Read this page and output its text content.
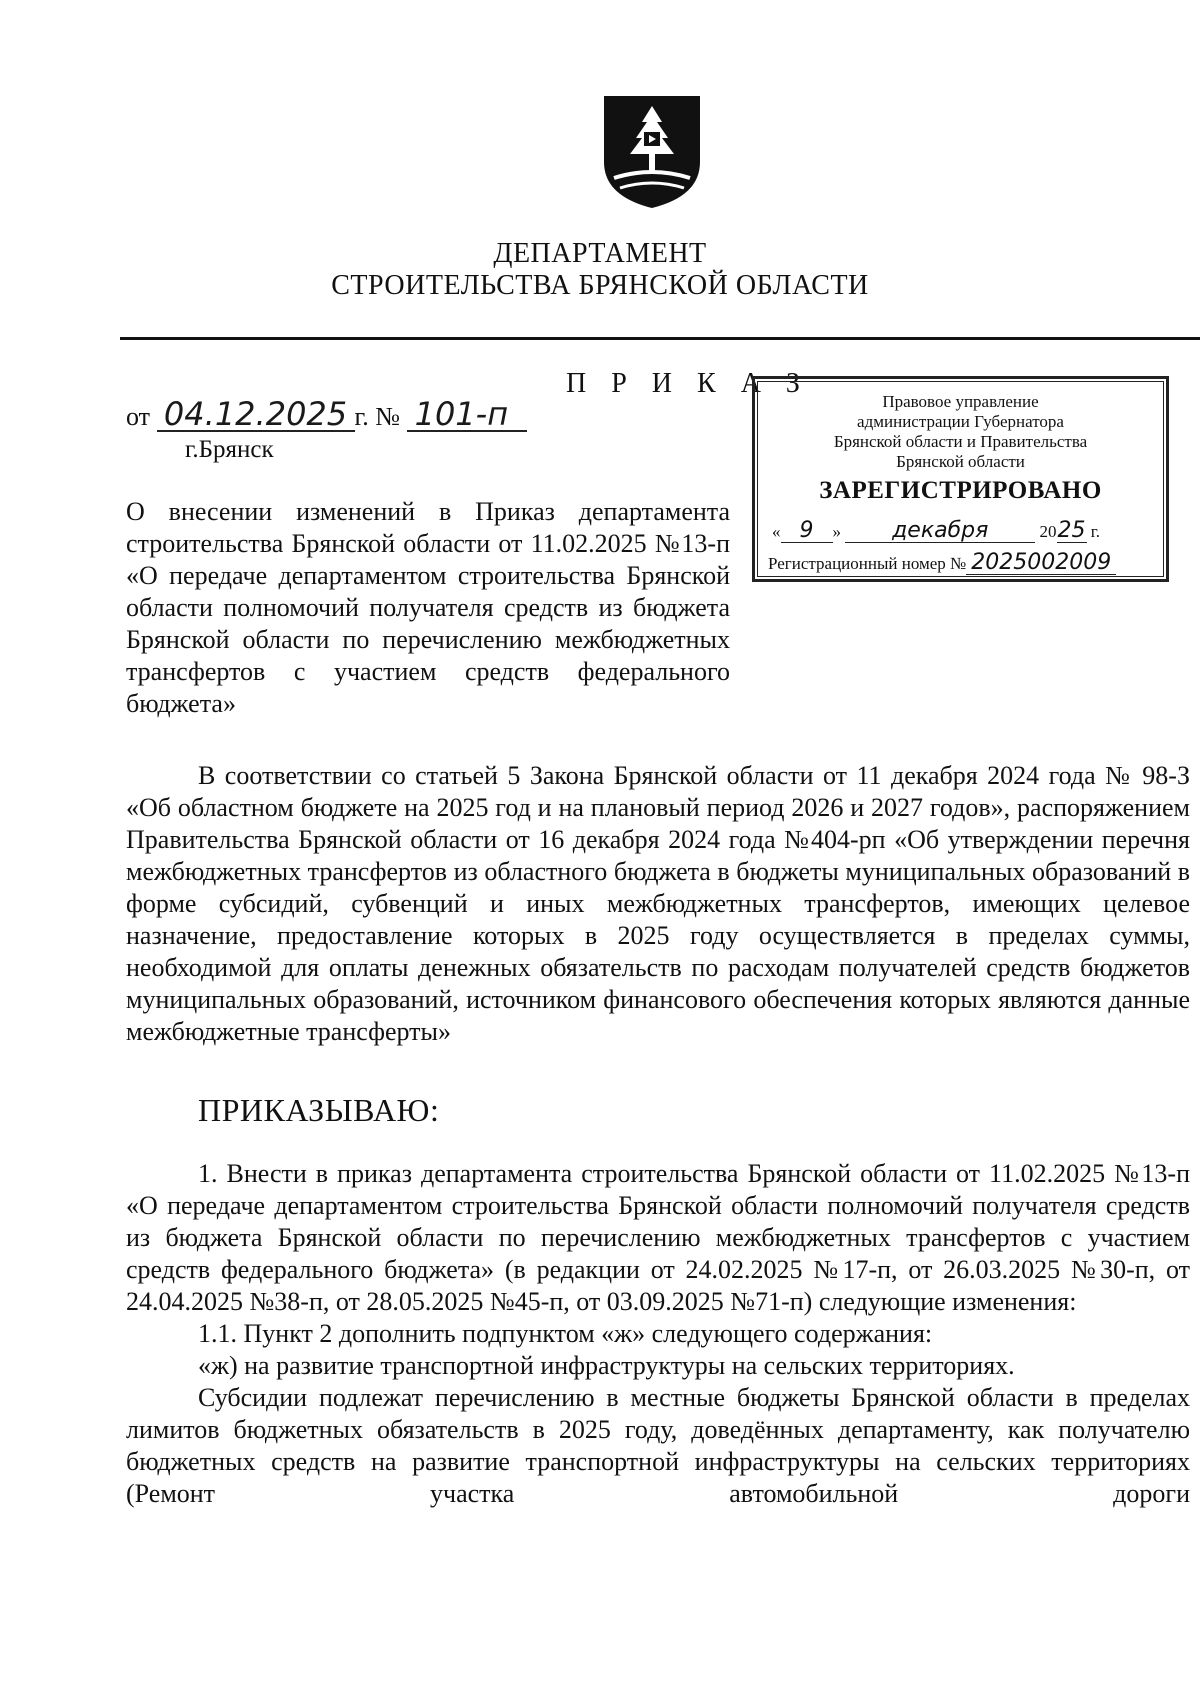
ДЕПАРТАМЕНТ
СТРОИТЕЛЬСТВА БРЯНСКОЙ ОБЛАСТИ
П Р И К А З
от 04.12.2025 г. № 101-п
г.Брянск

О внесении изменений в Приказ департамента строительства Брянской области от 11.02.2025 №13-п «О передаче департаментом строительства Брянской области полномочий получателя средств из бюджета Брянской области по перечислению межбюджетных трансфертов с участием средств федерального бюджета»

Правовое управление
администрации Губернатора
Брянской области и Правительства
Брянской области
ЗАРЕГИСТРИРОВАНО
« 9 » декабря	2025 г.
Регистрационный номер № 2025002009

В соответствии со статьей 5 Закона Брянской области от 11 декабря 2024 года № 98-З «Об областном бюджете на 2025 год и на плановый период 2026 и 2027 годов», распоряжением Правительства Брянской области от 16 декабря 2024 года №404-рп «Об утверждении перечня межбюджетных трансфертов из областного бюджета в бюджеты муниципальных образований в форме субсидий, субвенций и иных межбюджетных трансфертов, имеющих целевое назначение, предоставление которых в 2025 году осуществляется в пределах суммы, необходимой для оплаты денежных обязательств по расходам получателей средств бюджетов муниципальных образований, источником финансового обеспечения которых являются данные межбюджетные трансферты»

ПРИКАЗЫВАЮ:

1. Внести в приказ департамента строительства Брянской области от 11.02.2025 №13-п «О передаче департаментом строительства Брянской области полномочий получателя средств из бюджета Брянской области по перечислению межбюджетных трансфертов с участием средств федерального бюджета» (в редакции от 24.02.2025 №17-п, от 26.03.2025 №30-п, от 24.04.2025 №38-п, от 28.05.2025 №45-п, от 03.09.2025 №71-п) следующие изменения:

1.1. Пункт 2 дополнить подпунктом «ж» следующего содержания:

«ж) на развитие транспортной инфраструктуры на сельских территориях.

Субсидии подлежат перечислению в местные бюджеты Брянской области в пределах лимитов бюджетных обязательств в 2025 году, доведённых департаменту, как получателю бюджетных средств на развитие транспортной инфраструктуры на сельских территориях (Ремонт участка автомобильной дороги
